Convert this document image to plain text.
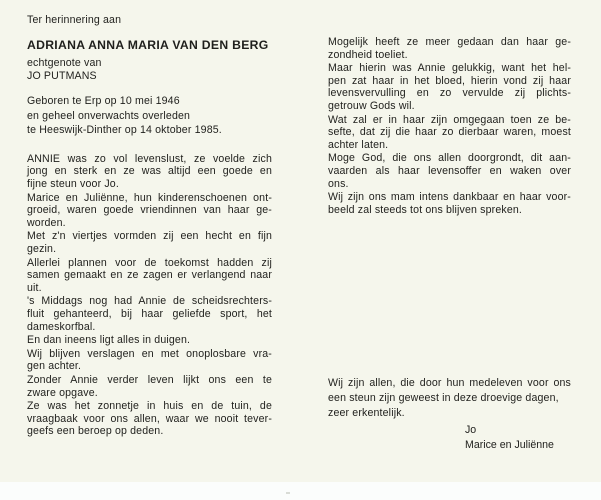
Ter herinnering aan
ADRIANA ANNA MARIA VAN DEN BERG
echtgenote van
JO PUTMANS
Geboren te Erp op 10 mei 1946
en geheel onverwachts overleden
te Heeswijk-Dinther op 14 oktober 1985.
ANNIE was zo vol levenslust, ze voelde zich
jong en sterk en ze was altijd een goede en
fijne steun voor Jo.
Marice en Juliënne, hun kinderenschoenen ont-
groeid, waren goede vriendinnen van haar ge-
worden.
Met z'n viertjes vormden zij een hecht en fijn
gezin.
Allerlei plannen voor de toekomst hadden zij
samen gemaakt en ze zagen er verlangend naar
uit.
's Middags nog had Annie de scheidsrechters-
fluit gehanteerd, bij haar geliefde sport, het
dameskorfbal.
En dan ineens ligt alles in duigen.
Wij blijven verslagen en met onoplosbare vra-
gen achter.
Zonder Annie verder leven lijkt ons een te
zware opgave.
Ze was het zonnetje in huis en de tuin, de
vraagbaak voor ons allen, waar we nooit tever-
geefs een beroep op deden.
Mogelijk heeft ze meer gedaan dan haar ge-
zondheid toeliet.
Maar hierin was Annie gelukkig, want het hel-
pen zat haar in het bloed, hierin vond zij haar
levensvervulling en zo vervulde zij plichts-
getrouw Gods wil.
Wat zal er in haar zijn omgegaan toen ze be-
sefte, dat zij die haar zo dierbaar waren, moest
achter laten.
Moge God, die ons allen doorgrondt, dit aan-
vaarden als haar levensoffer en waken over
ons.
Wij zijn ons mam intens dankbaar en haar voor-
beeld zal steeds tot ons blijven spreken.
Wij zijn allen, die door hun medeleven voor ons
een steun zijn geweest in deze droevige dagen,
zeer erkentelijk.
Jo
Marice en Juliënne
